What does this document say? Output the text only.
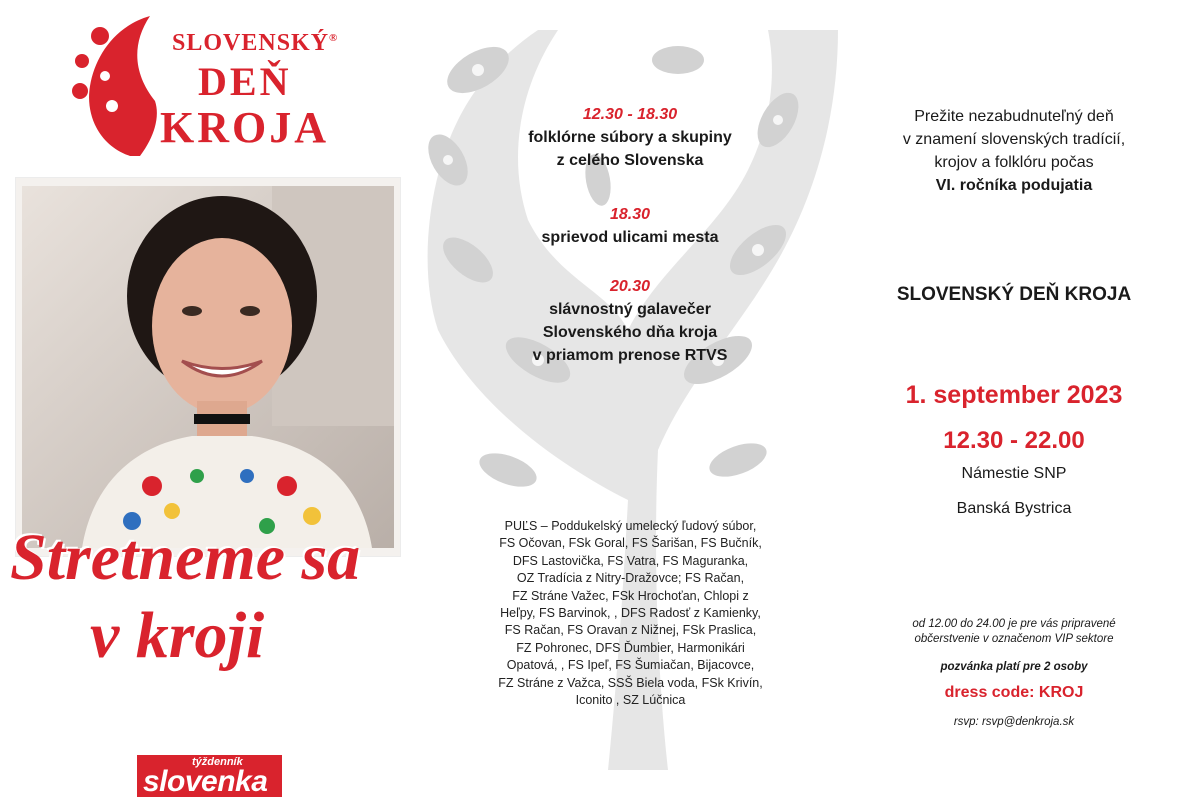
SLOVENSKÝ®
DEŇ
KROJA
Stretneme sa
v kroji
týždenník
slovenka
12.30 - 18.30
folklórne súbory a skupiny
z celého Slovenska
18.30
sprievod ulicami mesta
20.30
slávnostný galavečer
Slovenského dňa kroja
v priamom prenose RTVS
PUĽS – Poddukelský umelecký ľudový súbor,
FS Očovan, FSk Goral, FS Šarišan, FS Bučník,
DFS Lastovička, FS Vatra, FS Maguranka,
OZ Tradícia z Nitry-Dražovce; FS Račan,
FZ Stráne Važec, FSk Hrochoťan, Chlopi z
Heľpy, FS Barvinok, , DFS Radosť z Kamienky,
FS Račan, FS Oravan z Nižnej, FSk Praslica,
FZ Pohronec, DFS Ďumbier, Harmonikári
Opatová, , FS Ipeľ, FS Šumiačan, Bijacovce,
FZ Stráne z Važca, SSŠ Biela voda, FSk Krivín,
Iconito , SZ Lúčnica
Prežite nezabudnuteľný deň
v znamení slovenských tradícií,
krojov a folklóru počas
VI. ročníka podujatia
SLOVENSKÝ DEŇ KROJA
1. september 2023
12.30 - 22.00
Námestie SNP
Banská Bystrica
od 12.00 do 24.00 je pre vás pripravené
občerstvenie v označenom VIP sektore
pozvánka platí pre 2 osoby
dress code: KROJ
rsvp: rsvp@denkroja.sk
